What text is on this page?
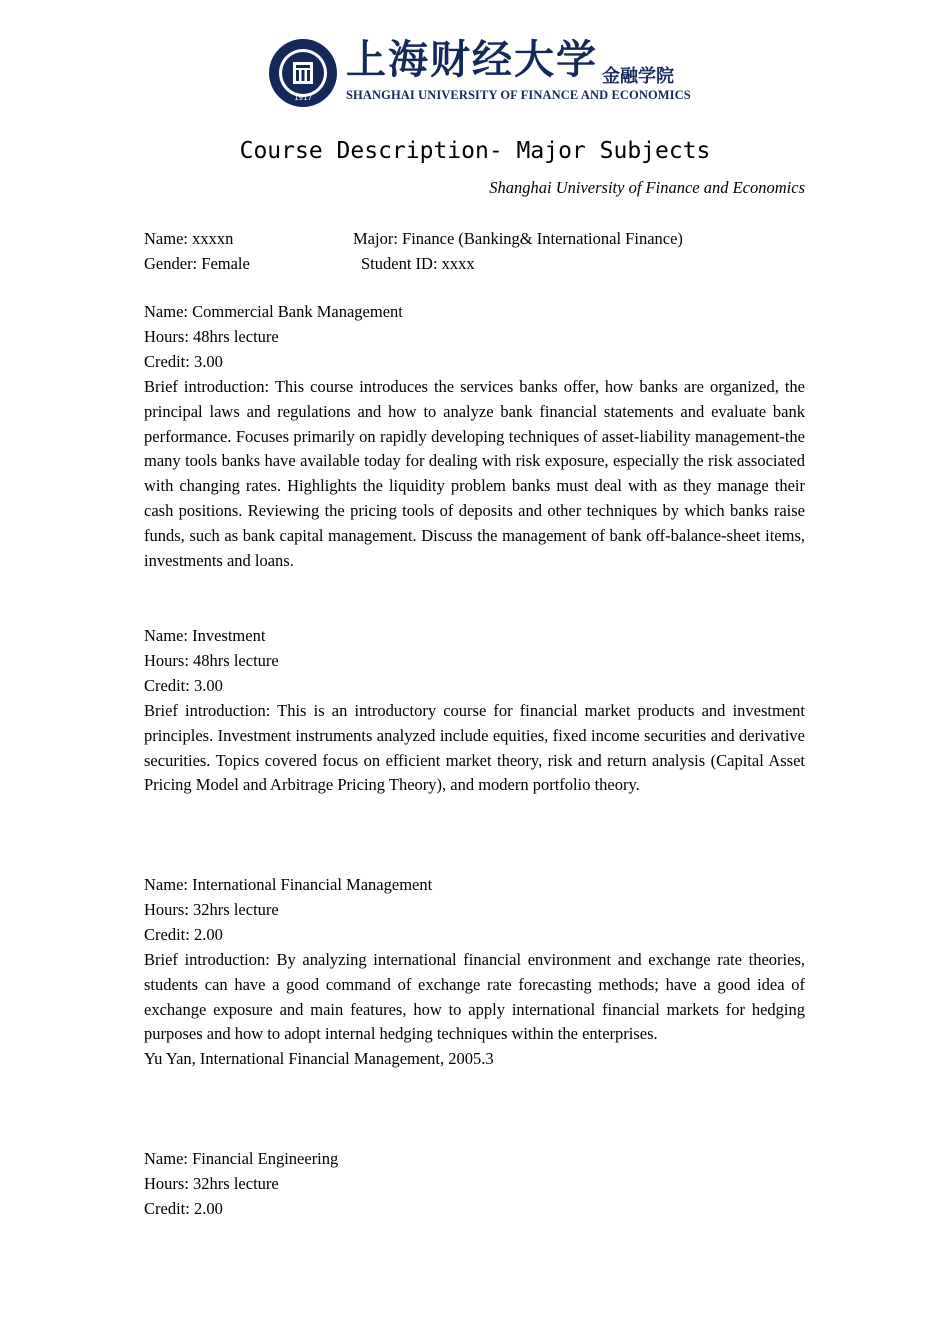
1917
上海财经大学 金融学院
SHANGHAI UNIVERSITY OF FINANCE AND ECONOMICS
Course Description- Major Subjects
Shanghai University of Finance and Economics
Name: xxxxn	Major: Finance (Banking& International Finance)
Gender: Female	Student ID: xxxx

Name: Commercial Bank Management

Hours: 48hrs lecture

Credit: 3.00

Brief introduction: This course introduces the services banks offer, how banks are organized, the principal laws and regulations and how to analyze bank financial statements and evaluate bank performance. Focuses primarily on rapidly developing techniques of asset-liability management-the many tools banks have available today for dealing with risk exposure, especially the risk associated with changing rates. Highlights the liquidity problem banks must deal with as they manage their cash positions. Reviewing the pricing tools of deposits and other techniques by which banks raise funds, such as bank capital management. Discuss the management of bank off-balance-sheet items, investments and loans.

Name: Investment

Hours: 48hrs lecture

Credit: 3.00

Brief introduction: This is an introductory course for financial market products and investment principles. Investment instruments analyzed include equities, fixed income securities and derivative securities. Topics covered focus on efficient market theory, risk and return analysis (Capital Asset Pricing Model and Arbitrage Pricing Theory), and modern portfolio theory.

Name: International Financial Management

Hours: 32hrs lecture

Credit: 2.00

Brief introduction: By analyzing international financial environment and exchange rate theories, students can have a good command of exchange rate forecasting methods; have a good idea of exchange exposure and main features, how to apply international financial markets for hedging purposes and how to adopt internal hedging techniques within the enterprises.

Yu Yan, International Financial Management, 2005.3

Name: Financial Engineering

Hours: 32hrs lecture

Credit: 2.00
